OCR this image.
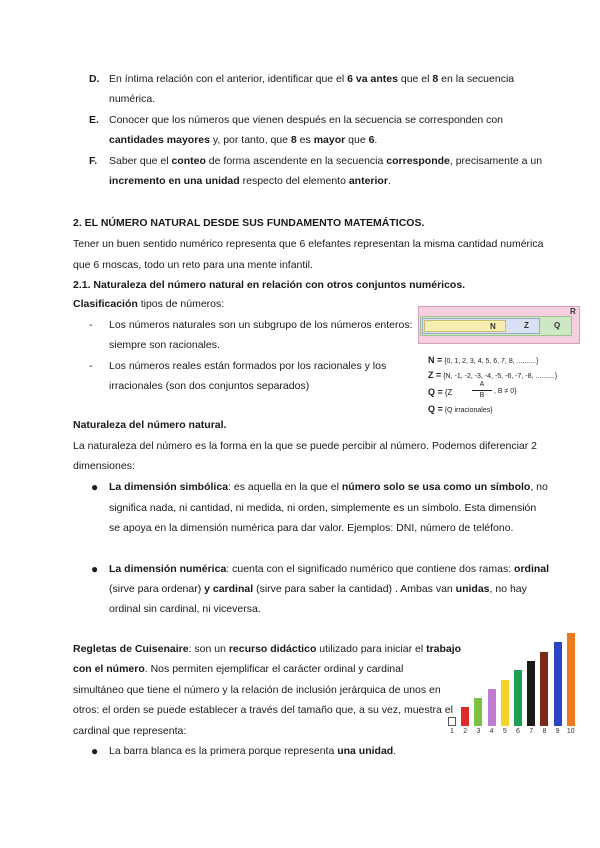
D. En íntima relación con el anterior, identificar que el 6 va antes que el 8 en la secuencia
numérica.
E. Conocer que los números que vienen después en la secuencia se corresponden con
cantidades mayores y, por tanto, que 8 es mayor que 6.
F. Saber que el conteo de forma ascendente en la secuencia corresponde, precisamente a un
incremento en una unidad respecto del elemento anterior.
2. EL NÚMERO NATURAL DESDE SUS FUNDAMENTO MATEMÁTICOS.
Tener un buen sentido numérico representa que 6 elefantes representan la misma cantidad numérica
que 6 moscas, todo un reto para una mente infantil.
2.1. Naturaleza del número natural en relación con otros conjuntos numéricos.
Clasificación tipos de números:
- Los números naturales son un subgrupo de los números enteros:
siempre son racionales.
- Los números reales están formados por los racionales y los
irracionales (son dos conjuntos separados)
R
Q
Z
N
N = {0, 1, 2, 3, 4, 5, 6, 7, 8, ..........}
Z = {N, -1, -2, -3, -4, -5, -6, -7, -8, ..........}
Q = {Z
A
B
, B ≠ 0}
Q = {Q irracionales}
Naturaleza del número natural.
La naturaleza del número es la forma en la que se puede percibir al número. Podemos diferenciar 2
dimensiones:
● La dimensión simbólica: es aquella en la que el número solo se usa como un símbolo, no
significa nada, ni cantidad, ni medida, ni orden, simplemente es un símbolo. Esta dimensión
se apoya en la dimensión numérica para dar valor. Ejemplos: DNI, número de teléfono.
● La dimensión numérica: cuenta con el significado numérico que contiene dos ramas: ordinal
(sirve para ordenar) y cardinal (sirve para saber la cantidad) . Ambas van unidas, no hay
ordinal sin cardinal, ni viceversa.
Regletas de Cuisenaire: son un recurso didáctico utilizado para iniciar el trabajo
con el número. Nos permiten ejemplificar el carácter ordinal y cardinal
simultáneo que tiene el número y la relación de inclusión jerárquica de unos en
otros: el orden se puede establecer a través del tamaño que, a su vez, muestra el
cardinal que representa:
● La barra blanca es la primera porque representa una unidad.
1	2	3	4	5	6	7	8	9	10
